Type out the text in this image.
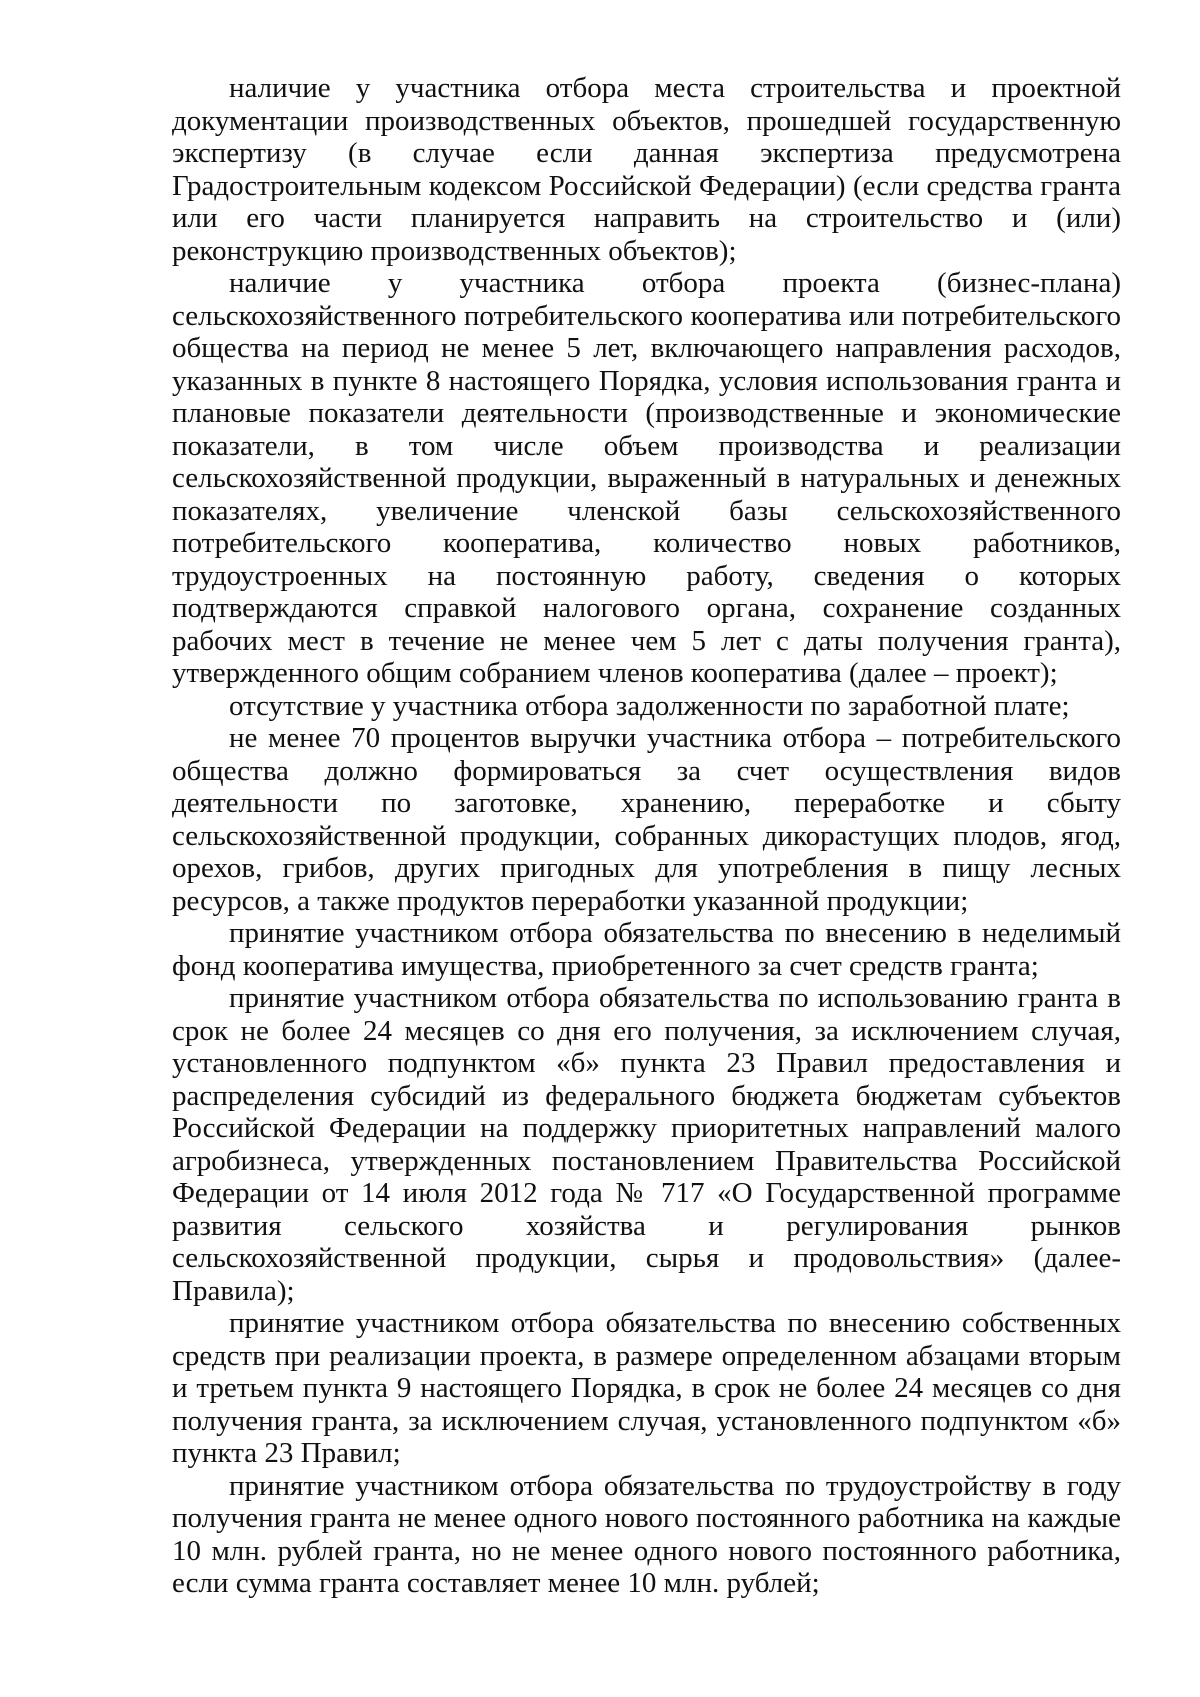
наличие у участника отбора места строительства и проектной документации производственных объектов, прошедшей государственную экспертизу (в случае если данная экспертиза предусмотрена Градостроительным кодексом Российской Федерации) (если средства гранта или его части планируется направить на строительство и (или) реконструкцию производственных объектов);

наличие у участника отбора проекта (бизнес-плана) сельскохозяйственного потребительского кооператива или потребительского общества на период не менее 5 лет, включающего направления расходов, указанных в пункте 8 настоящего Порядка, условия использования гранта и плановые показатели деятельности (производственные и экономические показатели, в том числе объем производства и реализации сельскохозяйственной продукции, выраженный в натуральных и денежных показателях, увеличение членской базы сельскохозяйственного потребительского кооператива, количество новых работников, трудоустроенных на постоянную работу, сведения о которых подтверждаются справкой налогового органа, сохранение созданных рабочих мест в течение не менее чем 5 лет с даты получения гранта), утвержденного общим собранием членов кооператива (далее – проект);

отсутствие у участника отбора задолженности по заработной плате;

не менее 70 процентов выручки участника отбора – потребительского общества должно формироваться за счет осуществления видов деятельности по заготовке, хранению, переработке и сбыту сельскохозяйственной продукции, собранных дикорастущих плодов, ягод, орехов, грибов, других пригодных для употребления в пищу лесных ресурсов, а также продуктов переработки указанной продукции;

принятие участником отбора обязательства по внесению в неделимый фонд кооператива имущества, приобретенного за счет средств гранта;

принятие участником отбора обязательства по использованию гранта в срок не более 24 месяцев со дня его получения, за исключением случая, установленного подпунктом «б» пункта 23 Правил предоставления и распределения субсидий из федерального бюджета бюджетам субъектов Российской Федерации на поддержку приоритетных направлений малого агробизнеса, утвержденных постановлением Правительства Российской Федерации от 14 июля 2012 года № 717 «О Государственной программе развития сельского хозяйства и регулирования рынков сельскохозяйственной продукции, сырья и продовольствия» (далее-Правила);

принятие участником отбора обязательства по внесению собственных средств при реализации проекта, в размере определенном абзацами вторым и третьем пункта 9 настоящего Порядка, в срок не более 24 месяцев со дня получения гранта, за исключением случая, установленного подпунктом «б» пункта 23 Правил;

принятие участником отбора обязательства по трудоустройству в году получения гранта не менее одного нового постоянного работника на каждые 10 млн. рублей гранта, но не менее одного нового постоянного работника, если сумма гранта составляет менее 10 млн. рублей;
